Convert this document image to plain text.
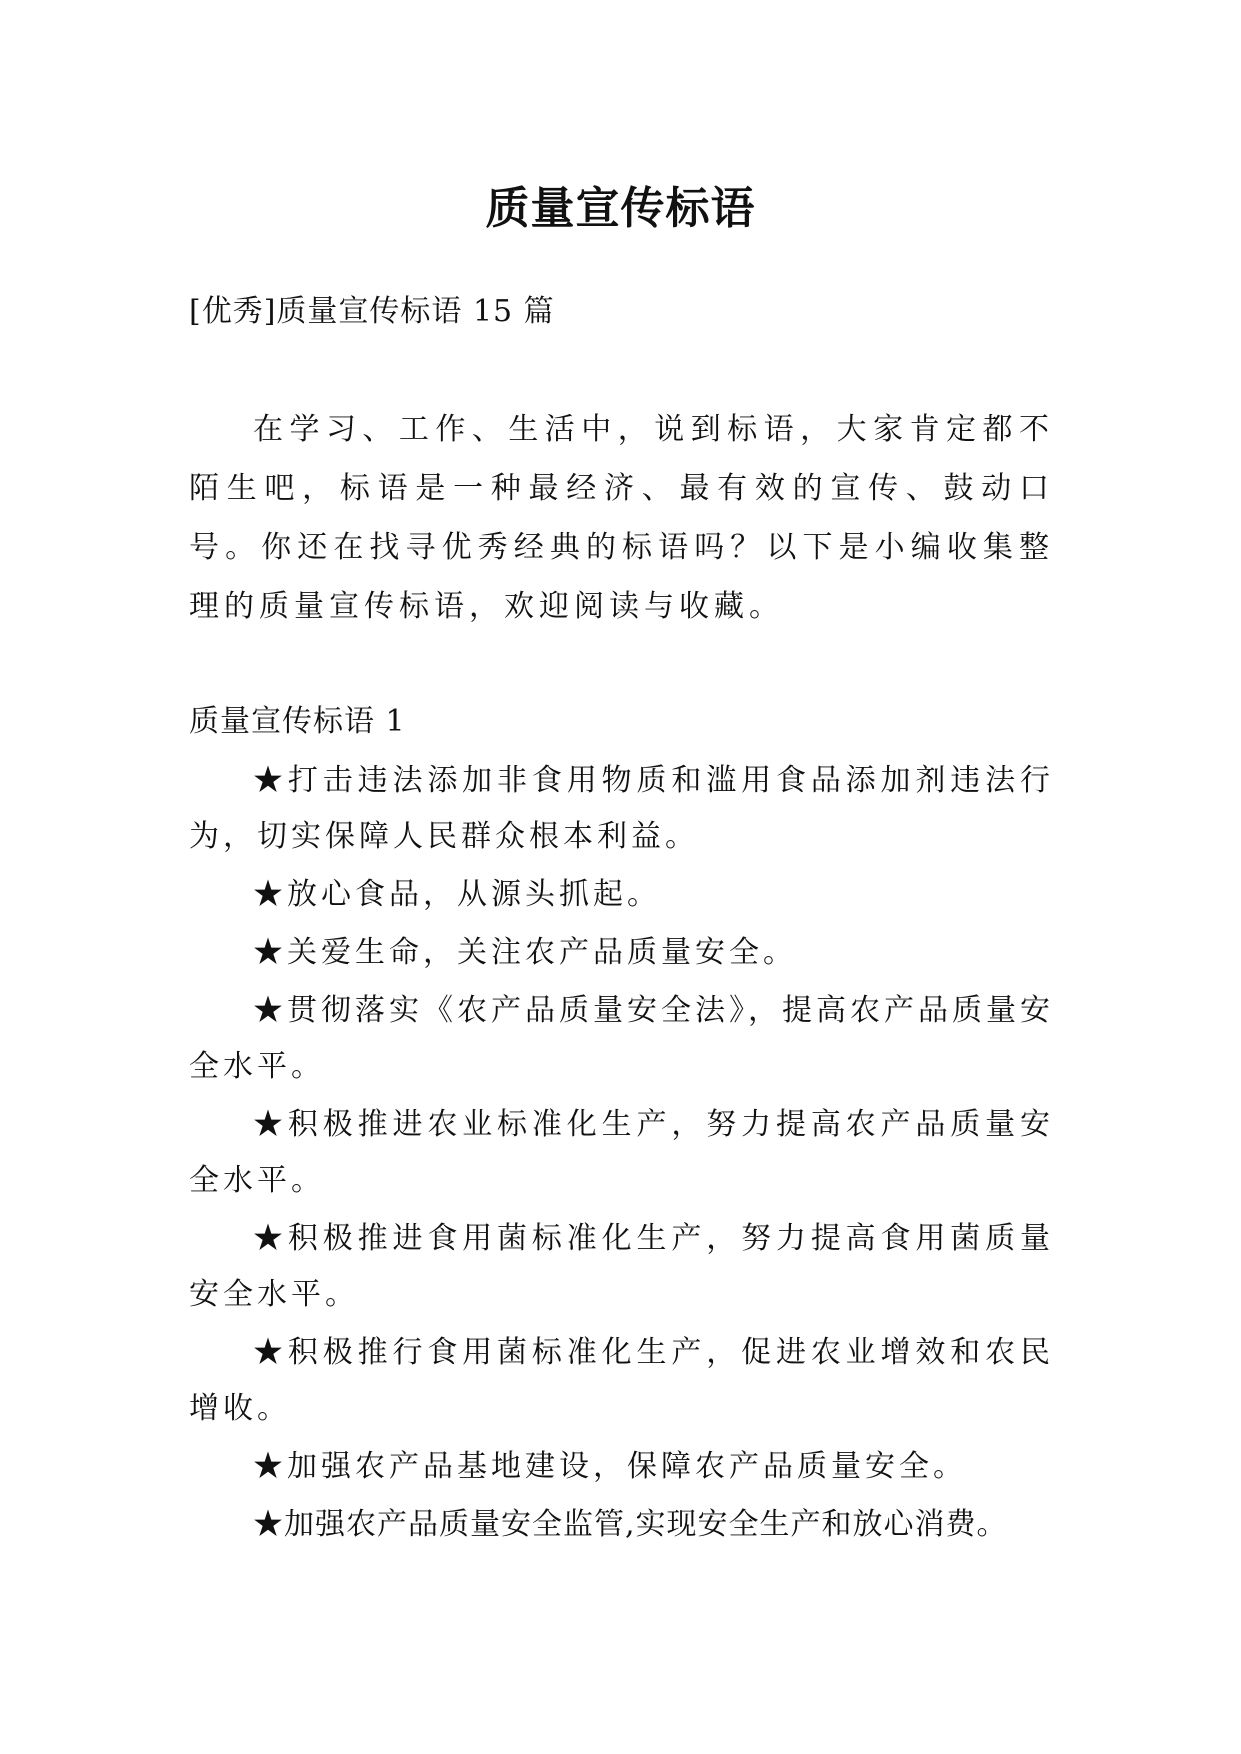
质量宣传标语
[优秀]质量宣传标语 15 篇

在学习、工作、生活中，说到标语，大家肯定都不陌生吧，标语是一种最经济、最有效的宣传、鼓动口号。你还在找寻优秀经典的标语吗？以下是小编收集整理的质量宣传标语，欢迎阅读与收藏。

质量宣传标语 1
★打击违法添加非食用物质和滥用食品添加剂违法行为，切实保障人民群众根本利益。
★放心食品，从源头抓起。
★关爱生命，关注农产品质量安全。
★贯彻落实《农产品质量安全法》，提高农产品质量安全水平。
★积极推进农业标准化生产，努力提高农产品质量安全水平。
★积极推进食用菌标准化生产，努力提高食用菌质量安全水平。
★积极推行食用菌标准化生产，促进农业增效和农民增收。
★加强农产品基地建设，保障农产品质量安全。
★加强农产品质量安全监管,实现安全生产和放心消费。
